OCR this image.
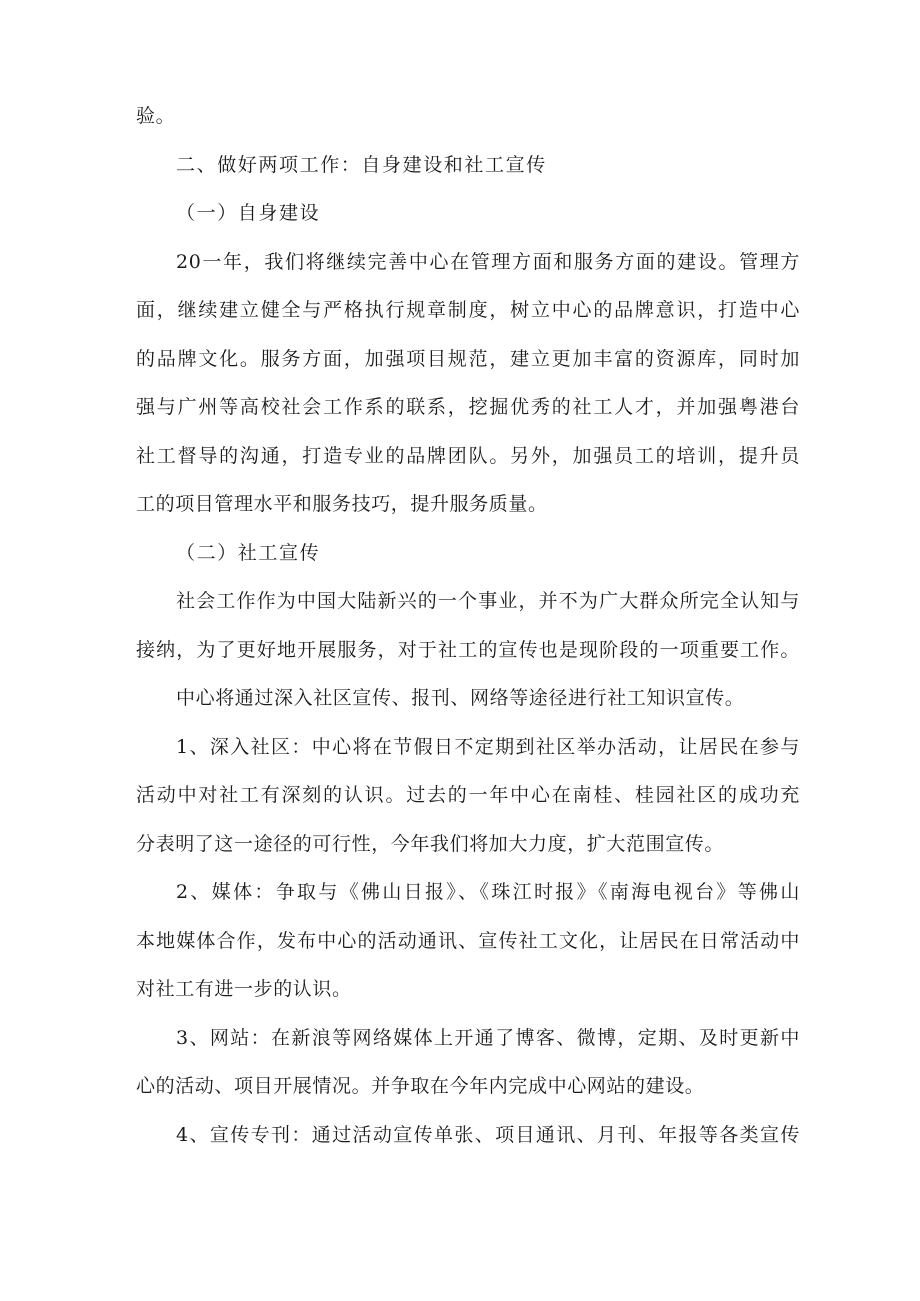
验。
二、做好两项工作：自身建设和社工宣传
（一）自身建设
20一年，我们将继续完善中心在管理方面和服务方面的建设。管理方
面，继续建立健全与严格执行规章制度，树立中心的品牌意识，打造中心
的品牌文化。服务方面，加强项目规范，建立更加丰富的资源库，同时加
强与广州等高校社会工作系的联系，挖掘优秀的社工人才，并加强粤港台
社工督导的沟通，打造专业的品牌团队。另外，加强员工的培训，提升员
工的项目管理水平和服务技巧，提升服务质量。
（二）社工宣传
社会工作作为中国大陆新兴的一个事业，并不为广大群众所完全认知与
接纳，为了更好地开展服务，对于社工的宣传也是现阶段的一项重要工作。
中心将通过深入社区宣传、报刊、网络等途径进行社工知识宣传。
1、深入社区：中心将在节假日不定期到社区举办活动，让居民在参与
活动中对社工有深刻的认识。过去的一年中心在南桂、桂园社区的成功充
分表明了这一途径的可行性，今年我们将加大力度，扩大范围宣传。
2、媒体：争取与《佛山日报》、《珠江时报》《南海电视台》等佛山
本地媒体合作，发布中心的活动通讯、宣传社工文化，让居民在日常活动中
对社工有进一步的认识。
3、网站：在新浪等网络媒体上开通了博客、微博，定期、及时更新中
心的活动、项目开展情况。并争取在今年内完成中心网站的建设。
4、宣传专刊：通过活动宣传单张、项目通讯、月刊、年报等各类宣传
